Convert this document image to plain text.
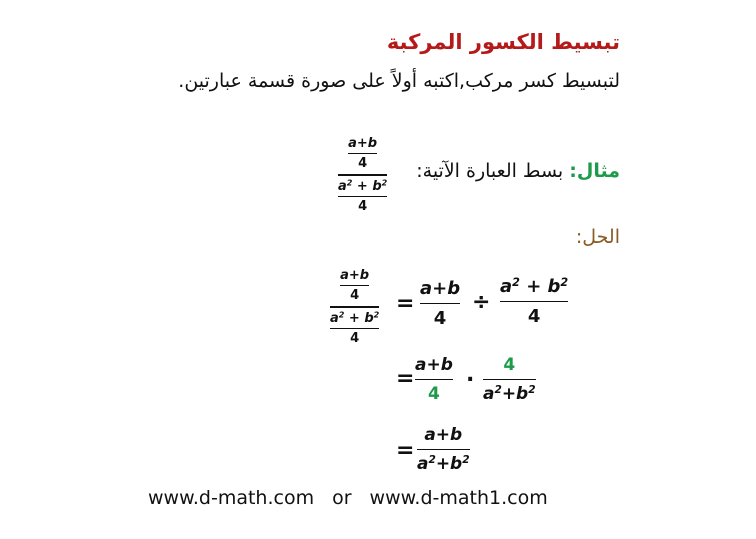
تبسيط الكسور المركبة
لتبسيط كسر مركب,اكتبه أولاً على صورة قسمة عبارتين.
مثال: بسط العبارة الآتية:
$\frac{\frac{a+b}{4}}{\frac{a^2 + b^2}{4}}$
الحل:
$\frac{\frac{a+b}{4}}{\frac{a^2 + b^2}{4}} = \frac{a+b}{4} \div \frac{a^2 + b^2}{4}$
= $\frac{a+b}{4}$ . $\frac{4}{a^2+b^2}$
= $\frac{a+b}{a^2+b^2}$
www.d-math.com or www.d-math1.com
